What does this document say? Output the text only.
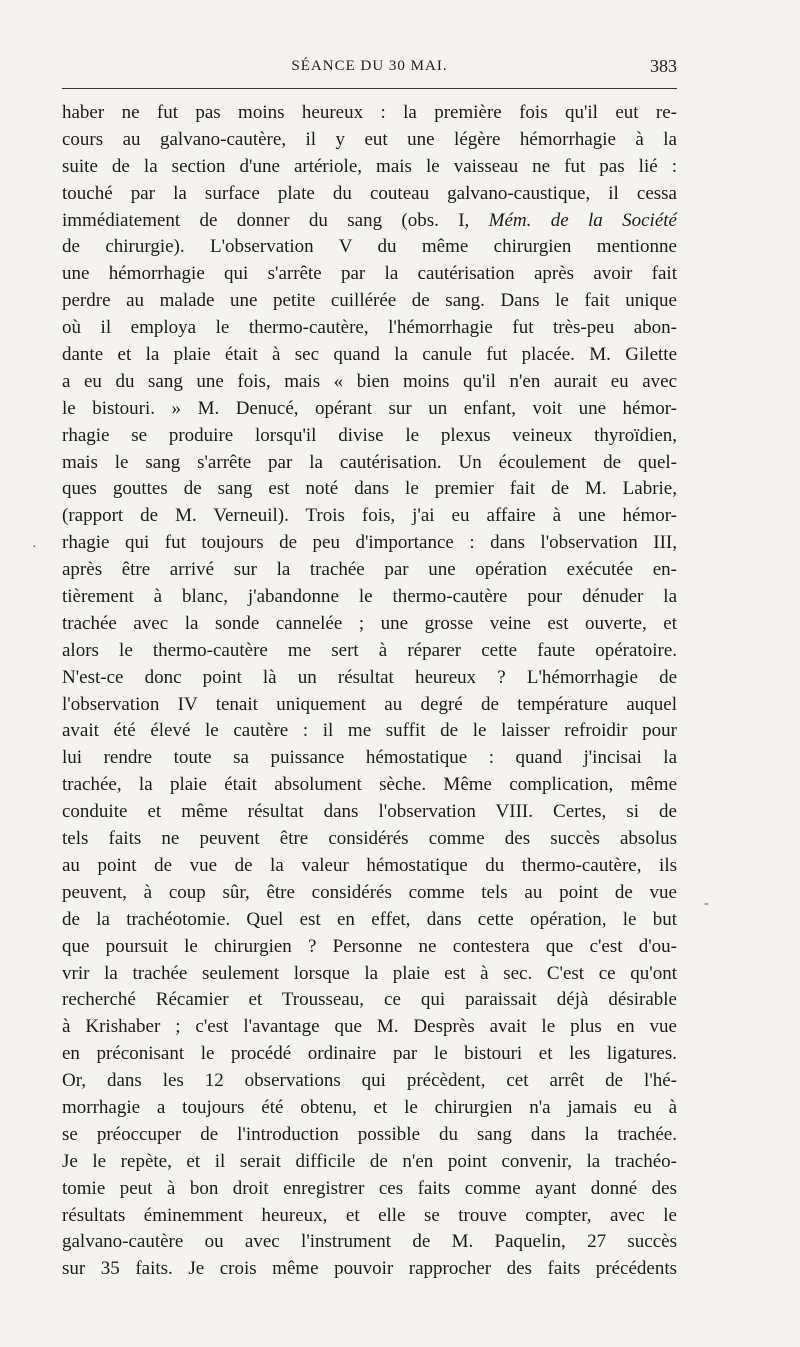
SÉANCE DU 30 MAI.	383
haber ne fut pas moins heureux : la première fois qu'il eut re-
cours au galvano-cautère, il y eut une légère hémorrhagie à la
suite de la section d'une artériole, mais le vaisseau ne fut pas lié :
touché par la surface plate du couteau galvano-caustique, il cessa
immédiatement de donner du sang (obs. I, Mém. de la Société
de chirurgie). L'observation V du même chirurgien mentionne
une hémorrhagie qui s'arrête par la cautérisation après avoir fait
perdre au malade une petite cuillérée de sang. Dans le fait unique
où il employa le thermo-cautère, l'hémorrhagie fut très-peu abon-
dante et la plaie était à sec quand la canule fut placée. M. Gilette
a eu du sang une fois, mais « bien moins qu'il n'en aurait eu avec
le bistouri. » M. Denucé, opérant sur un enfant, voit une hémor-
rhagie se produire lorsqu'il divise le plexus veineux thyroïdien,
mais le sang s'arrête par la cautérisation. Un écoulement de quel-
ques gouttes de sang est noté dans le premier fait de M. Labrie,
(rapport de M. Verneuil). Trois fois, j'ai eu affaire à une hémor-
rhagie qui fut toujours de peu d'importance : dans l'observation III,
après être arrivé sur la trachée par une opération exécutée en-
tièrement à blanc, j'abandonne le thermo-cautère pour dénuder la
trachée avec la sonde cannelée ; une grosse veine est ouverte, et
alors le thermo-cautère me sert à réparer cette faute opératoire.
N'est-ce donc point là un résultat heureux ? L'hémorrhagie de
l'observation IV tenait uniquement au degré de température auquel
avait été élevé le cautère : il me suffit de le laisser refroidir pour
lui rendre toute sa puissance hémostatique : quand j'incisai la
trachée, la plaie était absolument sèche. Même complication, même
conduite et même résultat dans l'observation VIII. Certes, si de
tels faits ne peuvent être considérés comme des succès absolus
au point de vue de la valeur hémostatique du thermo-cautère, ils
peuvent, à coup sûr, être considérés comme tels au point de vue
de la trachéotomie. Quel est en effet, dans cette opération, le but
que poursuit le chirurgien ? Personne ne contestera que c'est d'ou-
vrir la trachée seulement lorsque la plaie est à sec. C'est ce qu'ont
recherché Récamier et Trousseau, ce qui paraissait déjà désirable
à Krishaber ; c'est l'avantage que M. Desprès avait le plus en vue
en préconisant le procédé ordinaire par le bistouri et les ligatures.
Or, dans les 12 observations qui précèdent, cet arrêt de l'hé-
morrhagie a toujours été obtenu, et le chirurgien n'a jamais eu à
se préoccuper de l'introduction possible du sang dans la trachée.
Je le repète, et il serait difficile de n'en point convenir, la trachéo-
tomie peut à bon droit enregistrer ces faits comme ayant donné des
résultats éminemment heureux, et elle se trouve compter, avec le
galvano-cautère ou avec l'instrument de M. Paquelin, 27 succès
sur 35 faits. Je crois même pouvoir rapprocher des faits précédents
·
-
